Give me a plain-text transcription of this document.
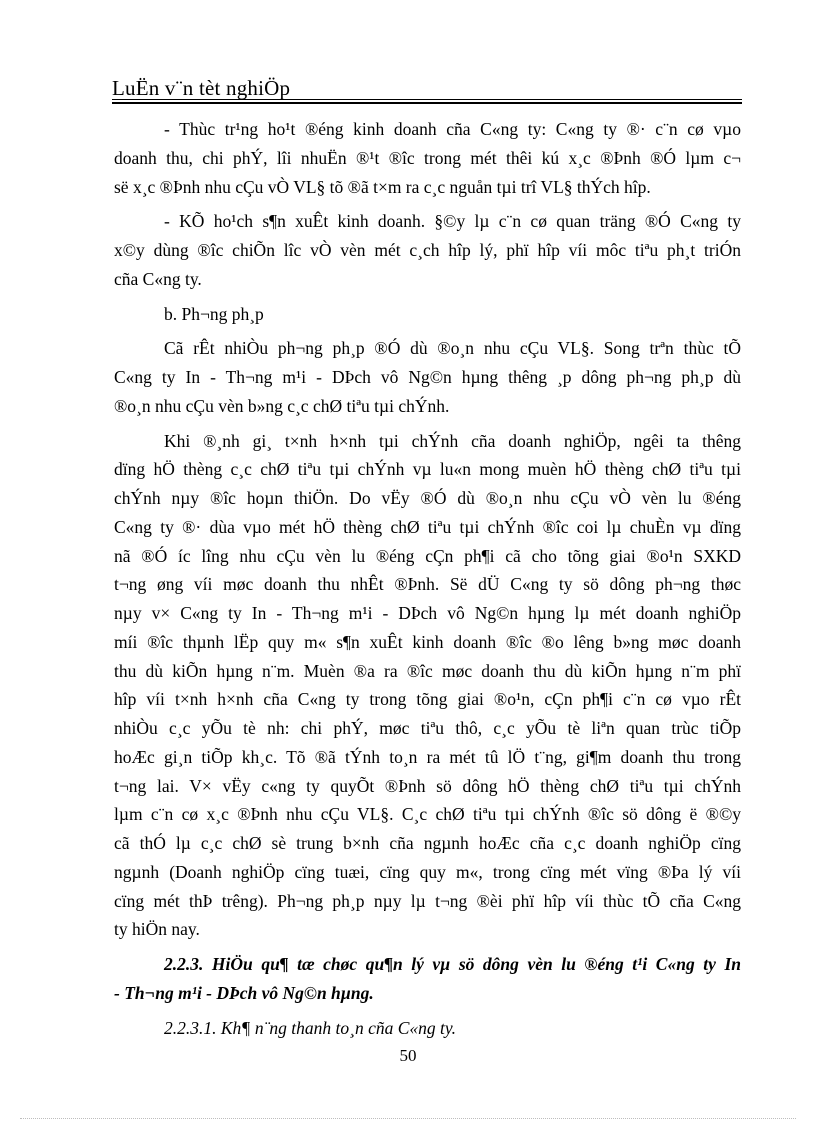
LuËn v¨n tèt nghiÖp

- Thùc tr¹ng ho¹t ®éng kinh doanh cña C«ng ty: C«ng ty ®· c¨n cø vµo
doanh thu, chi phÝ, lîi nhuËn ®¹t ®îc trong mét thêi kú x¸c ®Þnh ®Ó lµm c¬
së x¸c ®Þnh nhu cÇu vÒ VL§ tõ ®ã t×m ra c¸c nguån tµi trî VL§ thÝch hîp.

- KÕ ho¹ch s¶n xuÊt kinh doanh. §©y lµ c¨n cø quan träng ®Ó C«ng ty
x©y dùng ®îc chiÕn lîc vÒ vèn mét c¸ch hîp lý, phï hîp víi môc tiªu ph¸t triÓn
cña C«ng ty.

b. Ph¬ng ph¸p

Cã rÊt nhiÒu ph¬ng ph¸p ®Ó dù ®o¸n nhu cÇu VL§. Song trªn thùc tÕ
C«ng ty In - Th¬ng m¹i - DÞch vô Ng©n hµng thêng ¸p dông ph¬ng ph¸p dù
®o¸n nhu cÇu vèn b»ng c¸c chØ tiªu tµi chÝnh.

Khi ®¸nh gi¸ t×nh h×nh tµi chÝnh cña doanh nghiÖp, ngêi ta thêng
dïng hÖ thèng c¸c chØ tiªu tµi chÝnh vµ lu«n mong muèn hÖ thèng chØ tiªu tµi
chÝnh nµy ®îc hoµn thiÖn. Do vËy ®Ó dù ®o¸n nhu cÇu vÒ vèn lu ®éng
C«ng ty ®· dùa vµo mét hÖ thèng chØ tiªu tµi chÝnh ®îc coi lµ chuÈn vµ dïng
nã ®Ó íc lîng nhu cÇu vèn lu ®éng cÇn ph¶i cã cho tõng giai ®o¹n SXKD
t¬ng øng víi møc doanh thu nhÊt ®Þnh. Së dÜ C«ng ty sö dông ph¬ng thøc
nµy v× C«ng ty In - Th¬ng m¹i - DÞch vô Ng©n hµng lµ mét doanh nghiÖp
míi ®îc thµnh lËp quy m« s¶n xuÊt kinh doanh ®îc ®o lêng b»ng møc doanh
thu dù kiÕn hµng n¨m. Muèn ®a ra ®îc møc doanh thu dù kiÕn hµng n¨m phï
hîp víi t×nh h×nh cña C«ng ty trong tõng giai ®o¹n, cÇn ph¶i c¨n cø vµo rÊt
nhiÒu c¸c yÕu tè nh: chi phÝ, møc tiªu thô, c¸c yÕu tè liªn quan trùc tiÕp
hoÆc gi¸n tiÕp kh¸c. Tõ ®ã tÝnh to¸n ra mét tû lÖ t¨ng, gi¶m doanh thu trong
t¬ng lai. V× vËy c«ng ty quyÕt ®Þnh sö dông hÖ thèng chØ tiªu tµi chÝnh
lµm c¨n cø x¸c ®Þnh nhu cÇu VL§. C¸c chØ tiªu tµi chÝnh ®îc sö dông ë ®©y
cã thÓ lµ c¸c chØ sè trung b×nh cña ngµnh hoÆc cña c¸c doanh nghiÖp cïng
ngµnh (Doanh nghiÖp cïng tuæi, cïng quy m«, trong cïng mét vïng ®Þa lý víi
cïng mét thÞ trêng). Ph¬ng ph¸p nµy lµ t¬ng ®èi phï hîp víi thùc tÕ cña C«ng
ty hiÖn nay.

2.2.3. HiÖu qu¶ tæ chøc qu¶n lý vµ sö dông vèn lu ®éng t¹i C«ng ty In
- Th¬ng m¹i - DÞch vô Ng©n hµng.

2.2.3.1. Kh¶ n¨ng thanh to¸n cña C«ng ty.

50
